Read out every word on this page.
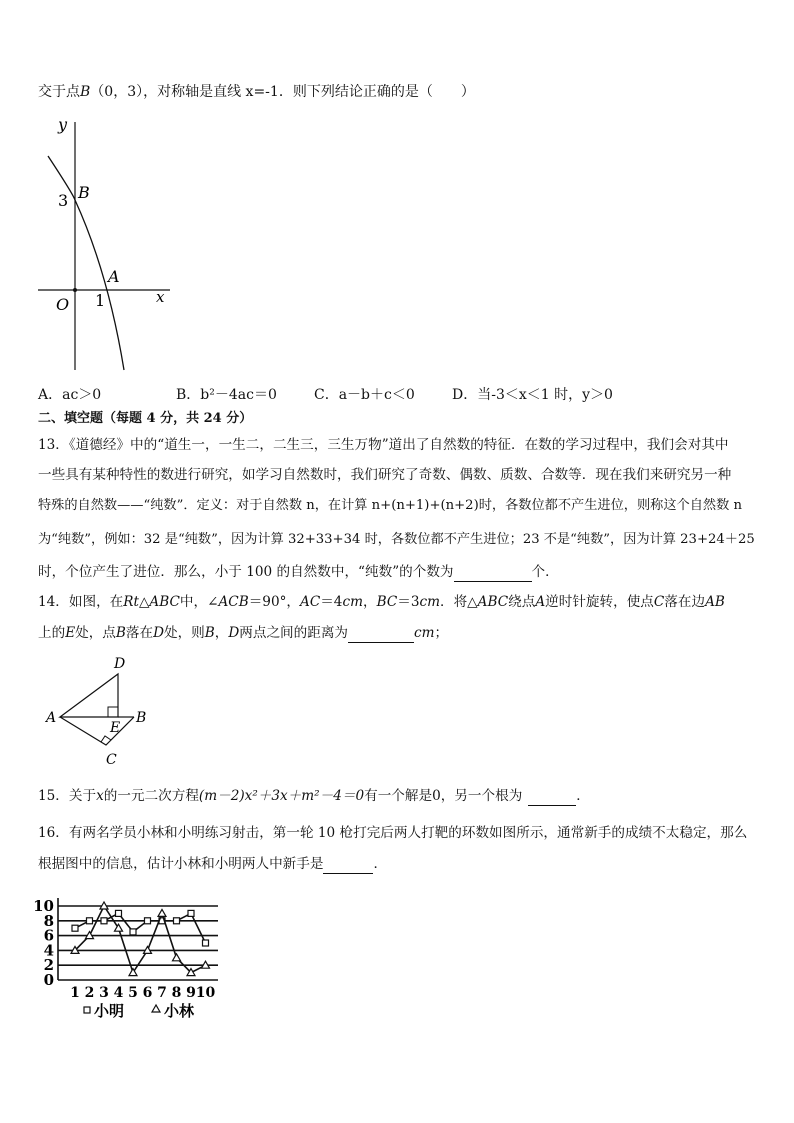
交于点B（0，3），对称轴是直线 x=-1．则下列结论正确的是（　　）
y
x
3 B
A
O 1
A．ac＞0	B．b²－4ac＝0	C．a－b＋c＜0	D．当-3＜x＜1 时，y＞0
二、填空题（每题 4 分，共 24 分）
13．《道德经》中的“道生一，一生二，二生三，三生万物”道出了自然数的特征．在数的学习过程中，我们会对其中
一些具有某种特性的数进行研究，如学习自然数时，我们研究了奇数、偶数、质数、合数等．现在我们来研究另一种
特殊的自然数——“纯数”．定义：对于自然数 n，在计算 n+(n+1)+(n+2)时，各数位都不产生进位，则称这个自然数 n
为“纯数”，例如：32 是“纯数”，因为计算 32+33+34 时，各数位都不产生进位；23 不是“纯数”，因为计算 23+24＋25
时，个位产生了进位．那么，小于 100 的自然数中，“纯数”的个数为	个．
14．如图，在Rt△ABC中，∠ACB＝90°，AC＝4cm，BC＝3cm．将△ABC绕点A逆时针旋转，使点C落在边AB
上的E处，点B落在D处，则B，D两点之间的距离为	cm；
D
A
E
B
C
15．关于x的一元二次方程(m－2)x²＋3x＋m²－4＝0有一个解是0，另一个根为	．
16．有两名学员小林和小明练习射击，第一轮 10 枪打完后两人打靶的环数如图所示，通常新手的成绩不太稳定，那么
根据图中的信息，估计小林和小明两人中新手是	．
0
2
4
6
8
10
1 2 3 4 5 6 7 8 9 10
小明	小林
